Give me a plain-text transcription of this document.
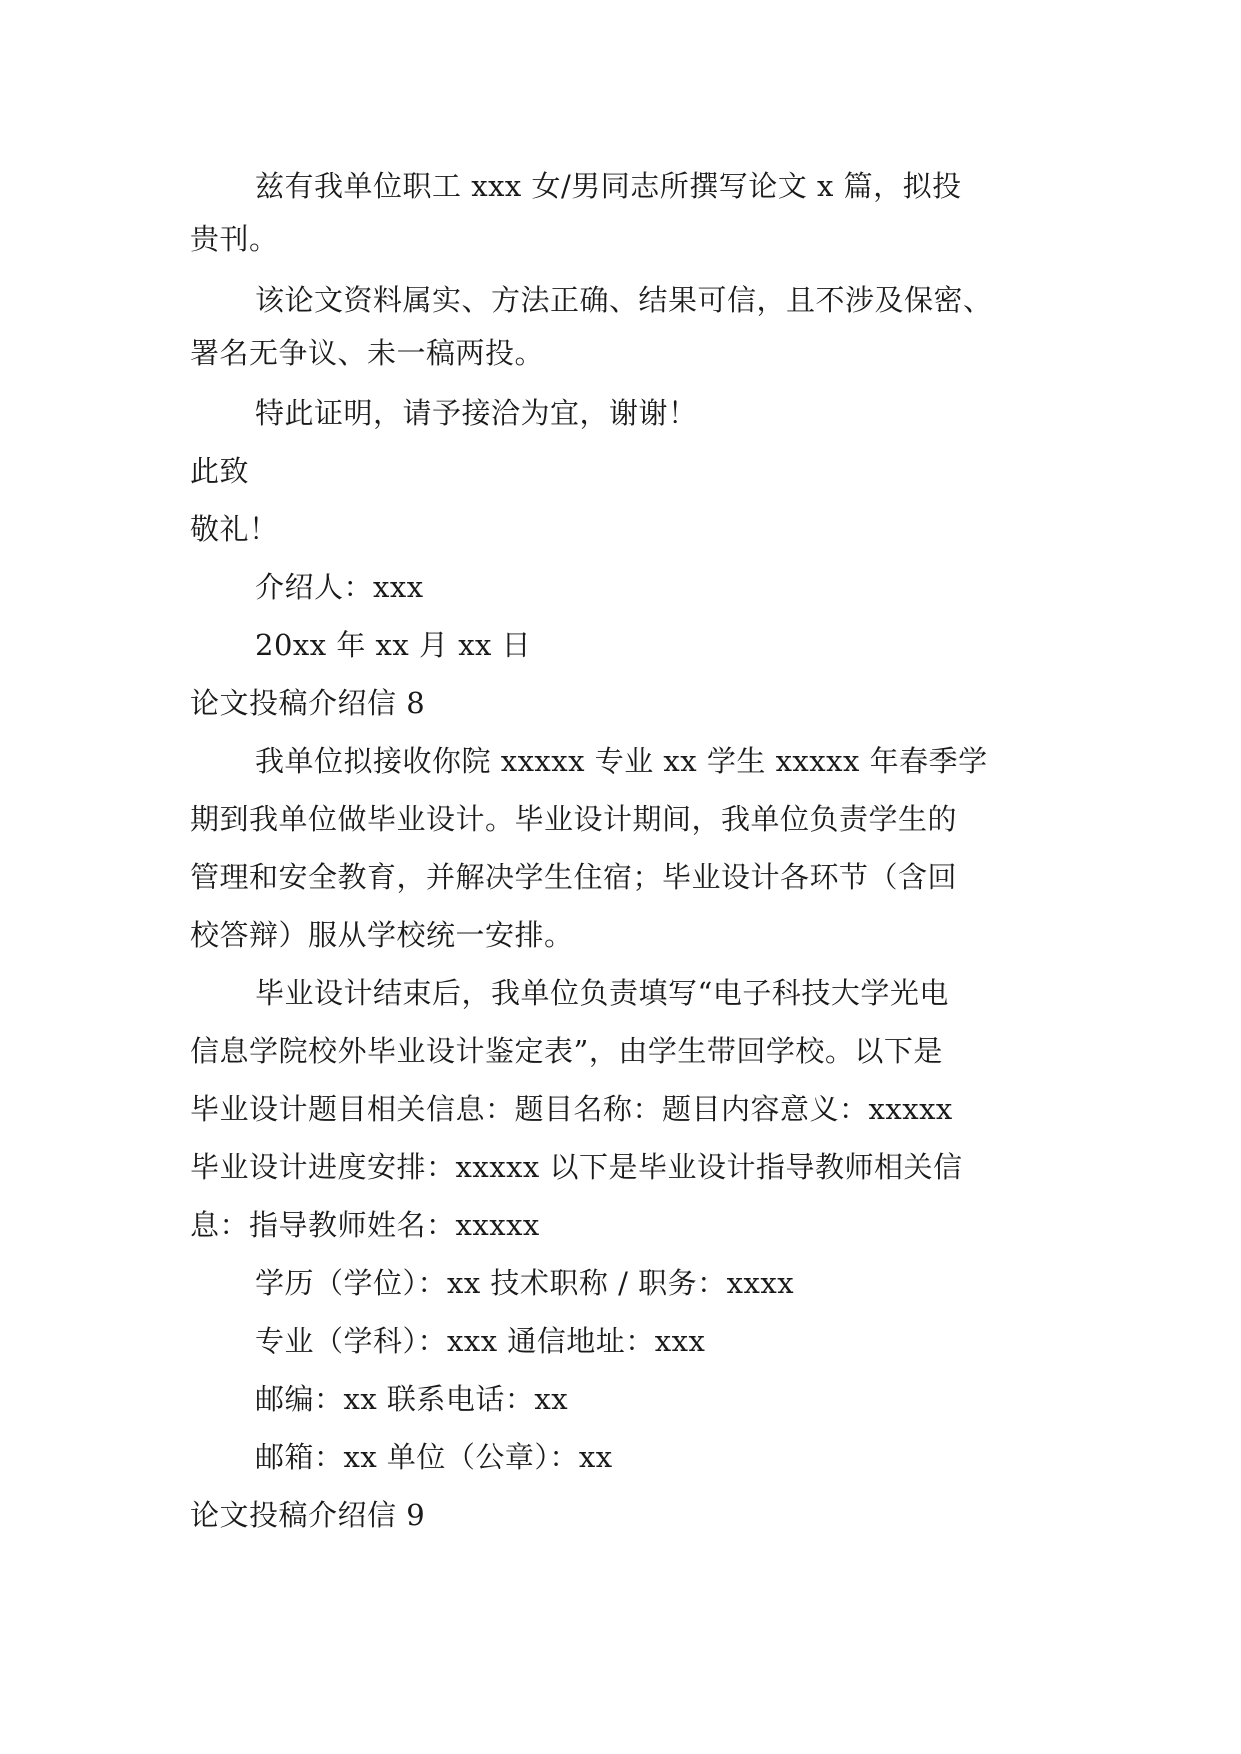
兹有我单位职工 xxx 女/男同志所撰写论文 x 篇，拟投
贵刊。
该论文资料属实、方法正确、结果可信，且不涉及保密、
署名无争议、未一稿两投。
特此证明，请予接洽为宜，谢谢！
此致
敬礼！
介绍人：xxx
20xx 年 xx 月 xx 日
论文投稿介绍信 8
我单位拟接收你院 xxxxx 专业 xx 学生 xxxxx 年春季学
期到我单位做毕业设计。毕业设计期间，我单位负责学生的
管理和安全教育，并解决学生住宿；毕业设计各环节（含回
校答辩）服从学校统一安排。
毕业设计结束后，我单位负责填写“电子科技大学光电
信息学院校外毕业设计鉴定表”，由学生带回学校。以下是
毕业设计题目相关信息：题目名称：题目内容意义：xxxxx
毕业设计进度安排：xxxxx 以下是毕业设计指导教师相关信
息：指导教师姓名：xxxxx
学历（学位）：xx 技术职称 / 职务：xxxx
专业（学科）：xxx 通信地址：xxx
邮编：xx 联系电话：xx
邮箱：xx 单位（公章）：xx
论文投稿介绍信 9
